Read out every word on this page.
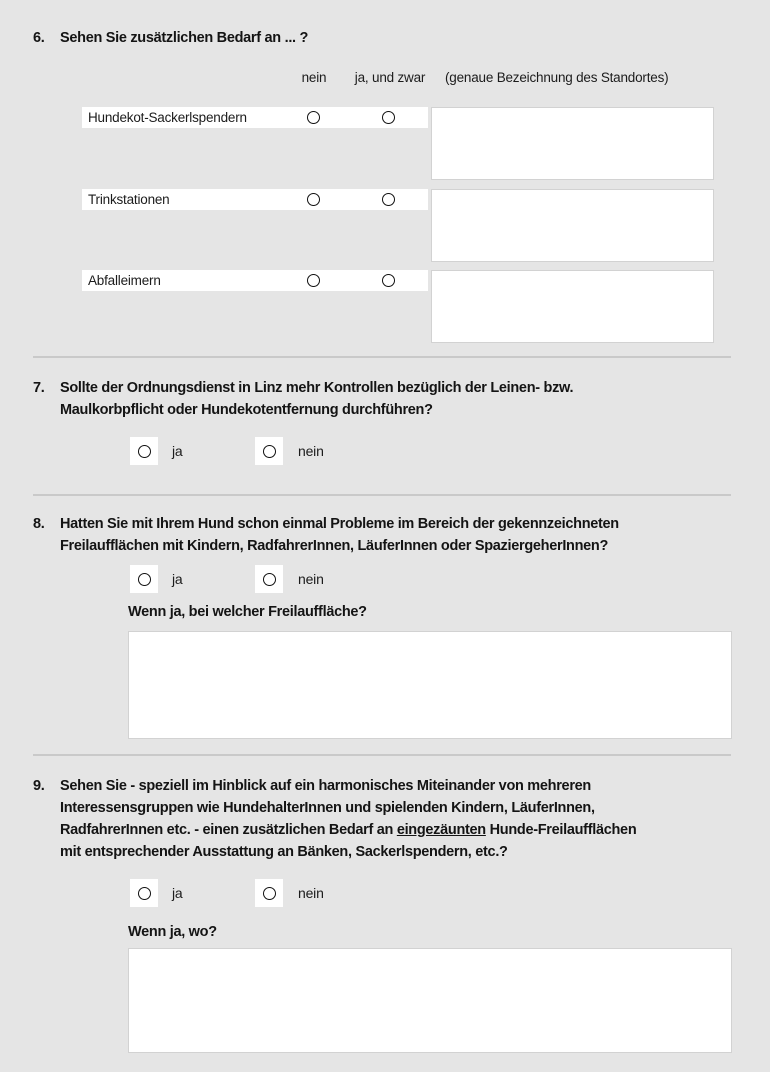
6. Sehen Sie zusätzlichen Bedarf an ... ?
nein	ja, und zwar	(genaue Bezeichnung des Standortes)
Hundekot-Sackerlspendern
Trinkstationen
Abfalleimern
7. Sollte der Ordnungsdienst in Linz mehr Kontrollen bezüglich der Leinen- bzw.
Maulkorbpflicht oder Hundekotentfernung durchführen?
ja	nein
8. Hatten Sie mit Ihrem Hund schon einmal Probleme im Bereich der gekennzeichneten
Freilaufflächen mit Kindern, RadfahrerInnen, LäuferInnen oder SpaziergeherInnen?
ja	nein
Wenn ja, bei welcher Freilauffläche?
9. Sehen Sie - speziell im Hinblick auf ein harmonisches Miteinander von mehreren
Interessensgruppen wie HundehalterInnen und spielenden Kindern, LäuferInnen,
RadfahrerInnen etc. - einen zusätzlichen Bedarf an eingezäunten Hunde-Freilaufflächen
mit entsprechender Ausstattung an Bänken, Sackerlspendern, etc.?
ja	nein
Wenn ja, wo?
